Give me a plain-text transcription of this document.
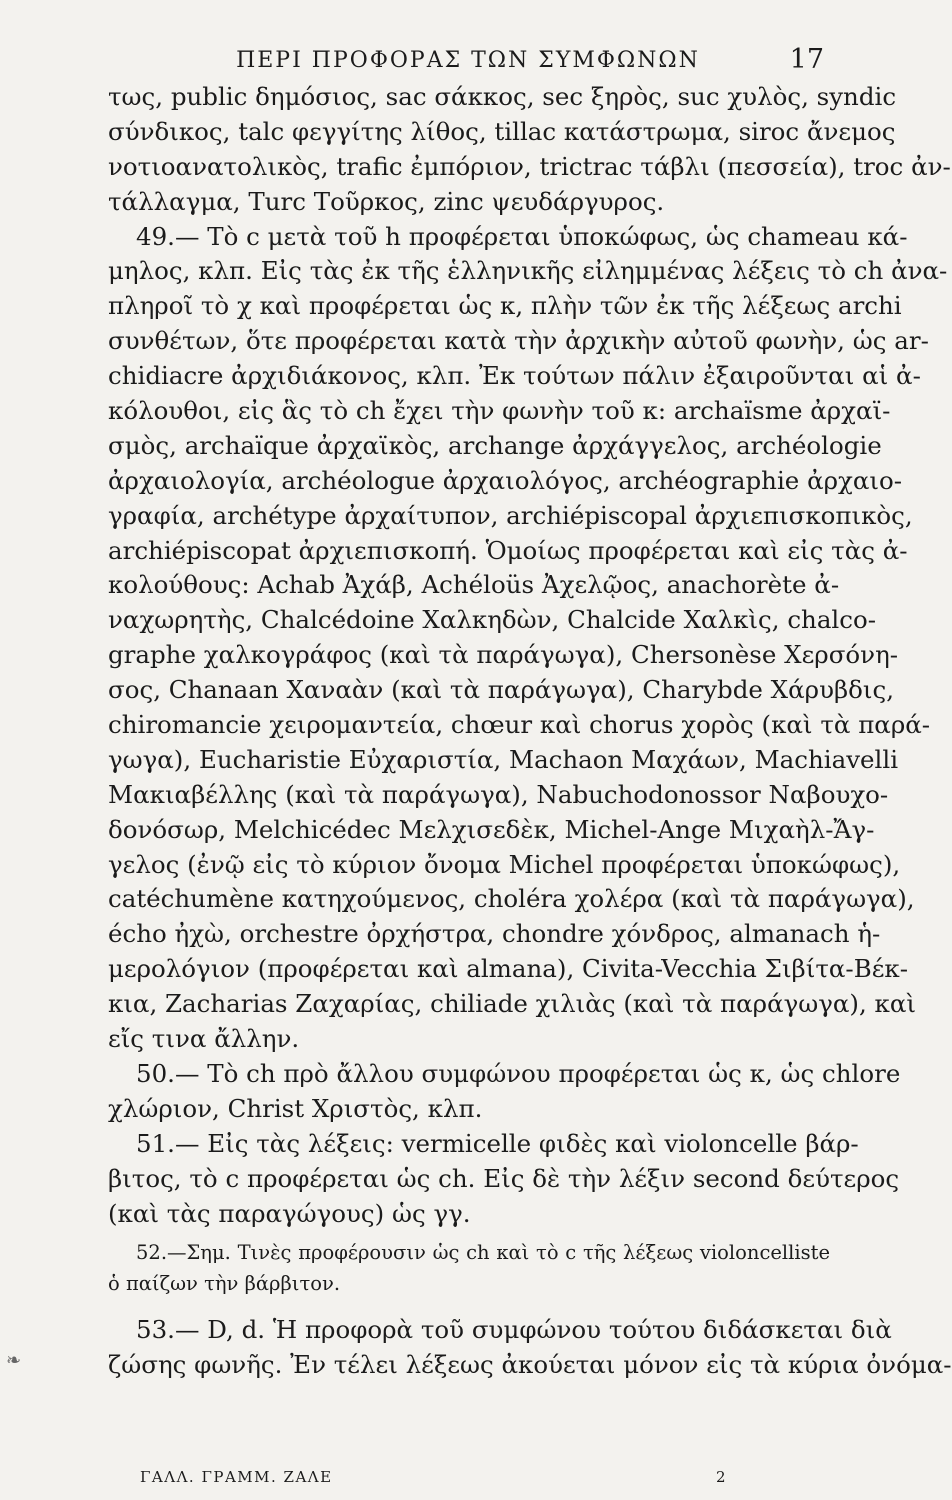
ΠΕΡΙ ΠΡΟΦΟΡΑΣ ΤΩΝ ΣΥΜΦΩΝΩΝ	17
τως, public δημόσιος, sac σάκκος, sec ξηρὸς, suc χυλὸς, syndic
σύνδικος, talc φεγγίτης λίθος, tillac κατάστρωμα, siroc ἄνεμος
νοτιοανατολικὸς, trafic ἐμπόριον, trictrac τάβλι (πεσσεία), troc ἀν-
τάλλαγμα, Turc Τοῦρκος, zinc ψευδάργυρος.
49.— Τὸ c μετὰ τοῦ h προφέρεται ὑποκώφως, ὡς chameau κά-
μηλος, κλπ. Εἰς τὰς ἐκ τῆς ἑλληνικῆς εἰλημμένας λέξεις τὸ ch ἀνα-
πληροῖ τὸ χ καὶ προφέρεται ὡς κ, πλὴν τῶν ἐκ τῆς λέξεως archi
συνθέτων, ὅτε προφέρεται κατὰ τὴν ἀρχικὴν αὐτοῦ φωνὴν, ὡς ar-
chidiacre ἀρχιδιάκονος, κλπ. Ἐκ τούτων πάλιν ἐξαιροῦνται αἱ ἀ-
κόλουθοι, εἰς ἃς τὸ ch ἔχει τὴν φωνὴν τοῦ κ: archaïsme ἀρχαϊ-
σμὸς, archaïque ἀρχαϊκὸς, archange ἀρχάγγελος, archéologie
ἀρχαιολογία, archéologue ἀρχαιολόγος, archéographie ἀρχαιο-
γραφία, archétype ἀρχαίτυπον, archiépiscopal ἀρχιεπισκοπικὸς,
archiépiscopat ἀρχιεπισκοπή. Ὁμοίως προφέρεται καὶ εἰς τὰς ἀ-
κολούθους: Achab Ἀχάβ, Achéloüs Ἀχελῷος, anachorète ἀ-
ναχωρητὴς, Chalcédoine Χαλκηδὼν, Chalcide Χαλκὶς, chalco-
graphe χαλκογράφος (καὶ τὰ παράγωγα), Chersonèse Χερσόνη-
σος, Chanaan Χαναὰν (καὶ τὰ παράγωγα), Charybde Χάρυβδις,
chiromancie χειρομαντεία, chœur καὶ chorus χορὸς (καὶ τὰ παρά-
γωγα), Eucharistie Εὐχαριστία, Machaon Μαχάων, Machiavelli
Μακιαβέλλης (καὶ τὰ παράγωγα), Nabuchodonossor Ναβουχο-
δονόσωρ, Melchicédec Μελχισεδὲκ, Michel-Ange Μιχαὴλ-Ἄγ-
γελος (ἐνῷ εἰς τὸ κύριον ὄνομα Michel προφέρεται ὑποκώφως),
catéchumène κατηχούμενος, choléra χολέρα (καὶ τὰ παράγωγα),
écho ἠχὼ, orchestre ὀρχήστρα, chondre χόνδρος, almanach ἡ-
μερολόγιον (προφέρεται καὶ almana), Civita-Vecchia Σιβίτα-Βέκ-
κια, Zacharias Ζαχαρίας, chiliade χιλιὰς (καὶ τὰ παράγωγα), καὶ
εἴς τινα ἄλλην.
50.— Τὸ ch πρὸ ἄλλου συμφώνου προφέρεται ὡς κ, ὡς chlore
χλώριον, Christ Χριστὸς, κλπ.
51.— Εἰς τὰς λέξεις: vermicelle φιδὲς καὶ violoncelle βάρ-
βιτος, τὸ c προφέρεται ὡς ch. Εἰς δὲ τὴν λέξιν second δεύτερος
(καὶ τὰς παραγώγους) ὡς γγ.
52.—Σημ. Τινὲς προφέρουσιν ὡς ch καὶ τὸ c τῆς λέξεως violoncelliste
ὁ παίζων τὴν βάρβιτον.
53.— D, d. Ἡ προφορὰ τοῦ συμφώνου τούτου διδάσκεται διὰ
ζώσης φωνῆς. Ἐν τέλει λέξεως ἀκούεται μόνον εἰς τὰ κύρια ὀνόμα-
❧
ΓΑΛΛ. ΓΡΑΜΜ. ΖΑΛΕ	2
